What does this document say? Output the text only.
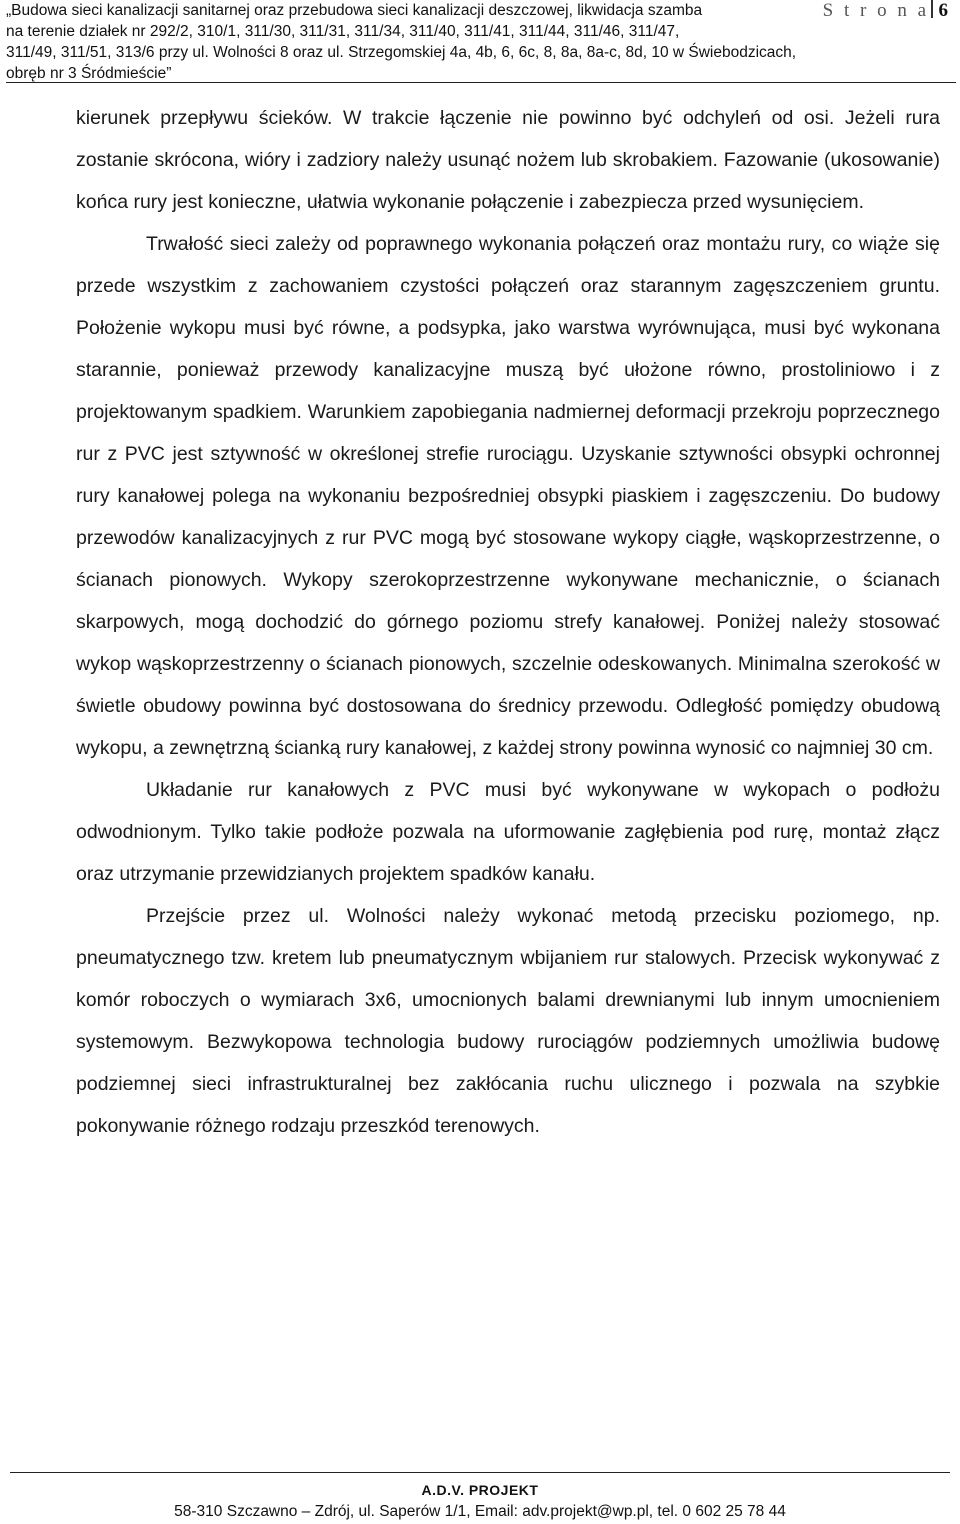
„Budowa sieci kanalizacji sanitarnej oraz przebudowa sieci kanalizacji deszczowej, likwidacja szamba
na terenie działek nr 292/2, 310/1, 311/30, 311/31, 311/34, 311/40, 311/41, 311/44, 311/46, 311/47,
311/49, 311/51, 313/6 przy ul. Wolności 8 oraz ul. Strzegomskiej 4a, 4b, 6, 6c, 8, 8a, 8a-c, 8d, 10 w Świebodzicach,
obręb nr 3 Śródmieście”
S t r o n a 6

kierunek przepływu ścieków. W trakcie łączenie nie powinno być odchyleń od osi. Jeżeli rura zostanie skrócona, wióry i zadziory należy usunąć nożem lub skrobakiem. Fazowanie (ukosowanie) końca rury jest konieczne, ułatwia wykonanie połączenie i zabezpiecza przed wysunięciem.

Trwałość sieci zależy od poprawnego wykonania połączeń oraz montażu rury, co wiąże się przede wszystkim z zachowaniem czystości połączeń oraz starannym zagęszczeniem gruntu. Położenie wykopu musi być równe, a podsypka, jako warstwa wyrównująca, musi być wykonana starannie, ponieważ przewody kanalizacyjne muszą być ułożone równo, prostoliniowo i z projektowanym spadkiem. Warunkiem zapobiegania nadmiernej deformacji przekroju poprzecznego rur z PVC jest sztywność w określonej strefie rurociągu. Uzyskanie sztywności obsypki ochronnej rury kanałowej polega na wykonaniu bezpośredniej obsypki piaskiem i zagęszczeniu. Do budowy przewodów kanalizacyjnych z rur PVC mogą być stosowane wykopy ciągłe, wąskoprzestrzenne, o ścianach pionowych. Wykopy szerokoprzestrzenne wykonywane mechanicznie, o ścianach skarpowych, mogą dochodzić do górnego poziomu strefy kanałowej. Poniżej należy stosować wykop wąskoprzestrzenny o ścianach pionowych, szczelnie odeskowanych. Minimalna szerokość w świetle obudowy powinna być dostosowana do średnicy przewodu. Odległość pomiędzy obudową wykopu, a zewnętrzną ścianką rury kanałowej, z każdej strony powinna wynosić co najmniej 30 cm.

Układanie rur kanałowych z PVC musi być wykonywane w wykopach o podłożu odwodnionym. Tylko takie podłoże pozwala na uformowanie zagłębienia pod rurę, montaż złącz oraz utrzymanie przewidzianych projektem spadków kanału.

Przejście przez ul. Wolności należy wykonać metodą przecisku poziomego, np. pneumatycznego tzw. kretem lub pneumatycznym wbijaniem rur stalowych. Przecisk wykonywać z komór roboczych o wymiarach 3x6, umocnionych balami drewnianymi lub innym umocnieniem systemowym. Bezwykopowa technologia budowy rurociągów podziemnych umożliwia budowę podziemnej sieci infrastrukturalnej bez zakłócania ruchu ulicznego i pozwala na szybkie pokonywanie różnego rodzaju przeszkód terenowych.

A.D.V. PROJEKT
58-310 Szczawno – Zdrój, ul. Saperów 1/1, Email: adv.projekt@wp.pl, tel. 0 602 25 78 44
